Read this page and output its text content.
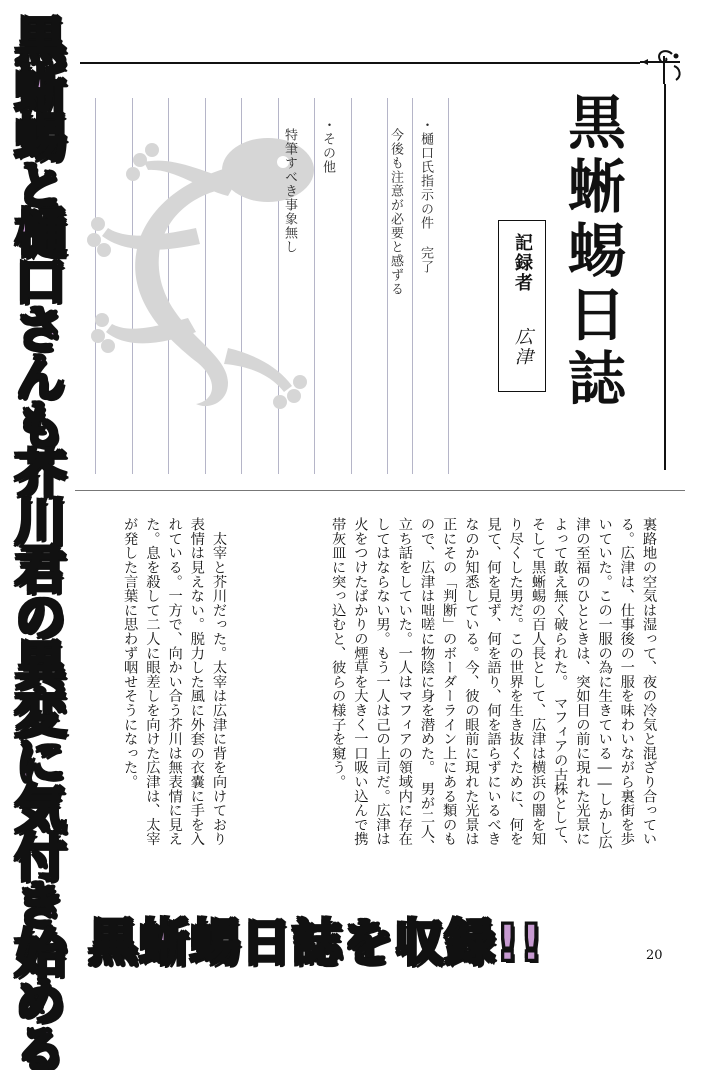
黒蜥蜴と樋口さんも芥川君の異変に気付き始める 黒蜥蜴日誌を収録!!
・樋口氏指示の件 完了
今後も注意が必要と感ずる
・その他
特筆すべき事象無し	黒蜥蜴日誌
記録者
広津
裏路地の空気は湿って、夜の冷気と混ざり合っている。広津は、仕事後の一服を味わいながら裏街を歩いていた。この一服の為に生きている――しかし広津の至福のひとときは、突如目の前に現れた光景によって敢え無く破られた。　マフィアの古株として、そして黒蜥蜴の百人長として、広津は横浜の闇を知り尽くした男だ。この世界を生き抜くために、何を見て、何を見ず、何を語り、何を語らずにいるべきなのか知悉している。今、彼の眼前に現れた光景は正にその「判断」のボーダーライン上にある類のもので、広津は咄嗟に物陰に身を潜めた。　男が二人、立ち話をしていた。一人はマフィアの領域内に存在してはならない男。もう一人は己の上司だ。広津は火をつけたばかりの煙草を大きく一口吸い込んで携帯灰皿に突っ込むと、彼らの様子を窺う。
　太宰と芥川だった。太宰は広津に背を向けており表情は見えない。脱力した風に外套の衣嚢に手を入れている。一方で、向かい合う芥川は無表情に見えた。息を殺して二人に眼差しを向けた広津は、太宰が発した言葉に思わず咽せそうになった。
20
